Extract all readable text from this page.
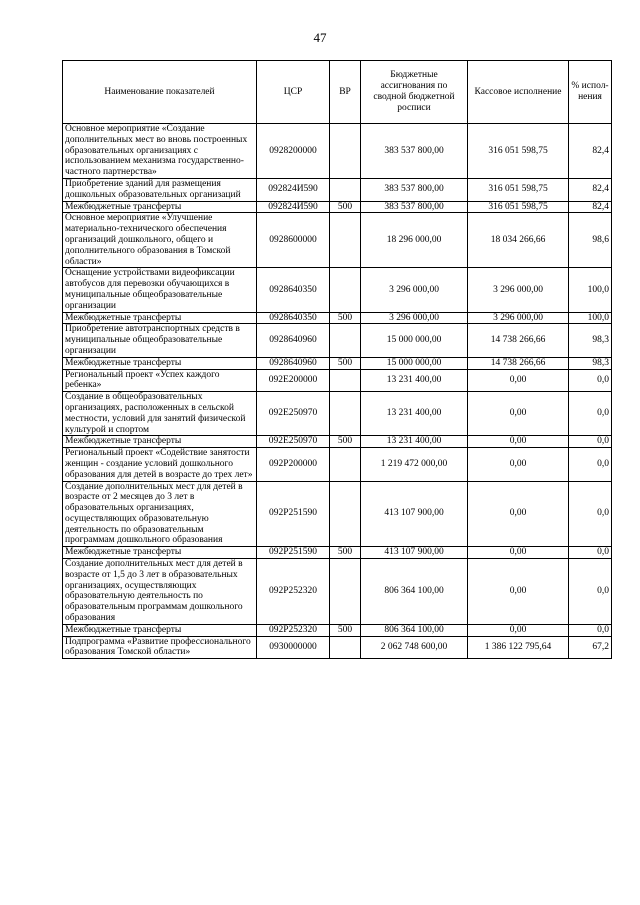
47
Наименование показателей	ЦСР	ВР	Бюджетные ассигнования по сводной бюджетной росписи	Кассовое исполнение	% испол-нения
Основное мероприятие «Создание дополнительных мест во вновь построенных образовательных организациях с использованием механизма государственно-частного партнерства»	0928200000		383 537 800,00	316 051 598,75	82,4
Приобретение зданий для размещения дошкольных образовательных организаций	092824И590		383 537 800,00	316 051 598,75	82,4
Межбюджетные трансферты	092824И590	500	383 537 800,00	316 051 598,75	82,4
Основное мероприятие «Улучшение материально-технического обеспечения организаций дошкольного, общего и дополнительного образования в Томской области»	0928600000		18 296 000,00	18 034 266,66	98,6
Оснащение устройствами видеофиксации автобусов для перевозки обучающихся в муниципальные общеобразовательные организации	0928640350		3 296 000,00	3 296 000,00	100,0
Межбюджетные трансферты	0928640350	500	3 296 000,00	3 296 000,00	100,0
Приобретение автотранспортных средств в муниципальные общеобразовательные организации	0928640960		15 000 000,00	14 738 266,66	98,3
Межбюджетные трансферты	0928640960	500	15 000 000,00	14 738 266,66	98,3
Региональный проект «Успех каждого ребенка»	092E200000		13 231 400,00	0,00	0,0
Создание в общеобразовательных организациях, расположенных в сельской местности, условий для занятий физической культурой и спортом	092E250970		13 231 400,00	0,00	0,0
Межбюджетные трансферты	092E250970	500	13 231 400,00	0,00	0,0
Региональный проект «Содействие занятости женщин - создание условий дошкольного образования для детей в возрасте до трех лет»	092P200000		1 219 472 000,00	0,00	0,0
Создание дополнительных мест для детей в возрасте от 2 месяцев до 3 лет в образовательных организациях, осуществляющих образовательную деятельность по образовательным программам дошкольного образования	092P251590		413 107 900,00	0,00	0,0
Межбюджетные трансферты	092P251590	500	413 107 900,00	0,00	0,0
Создание дополнительных мест для детей в возрасте от 1,5 до 3 лет в образовательных организациях, осуществляющих образовательную деятельность по образовательным программам дошкольного образования	092P252320		806 364 100,00	0,00	0,0
Межбюджетные трансферты	092P252320	500	806 364 100,00	0,00	0,0
Подпрограмма «Развитие профессионального образования Томской области»	0930000000		2 062 748 600,00	1 386 122 795,64	67,2
